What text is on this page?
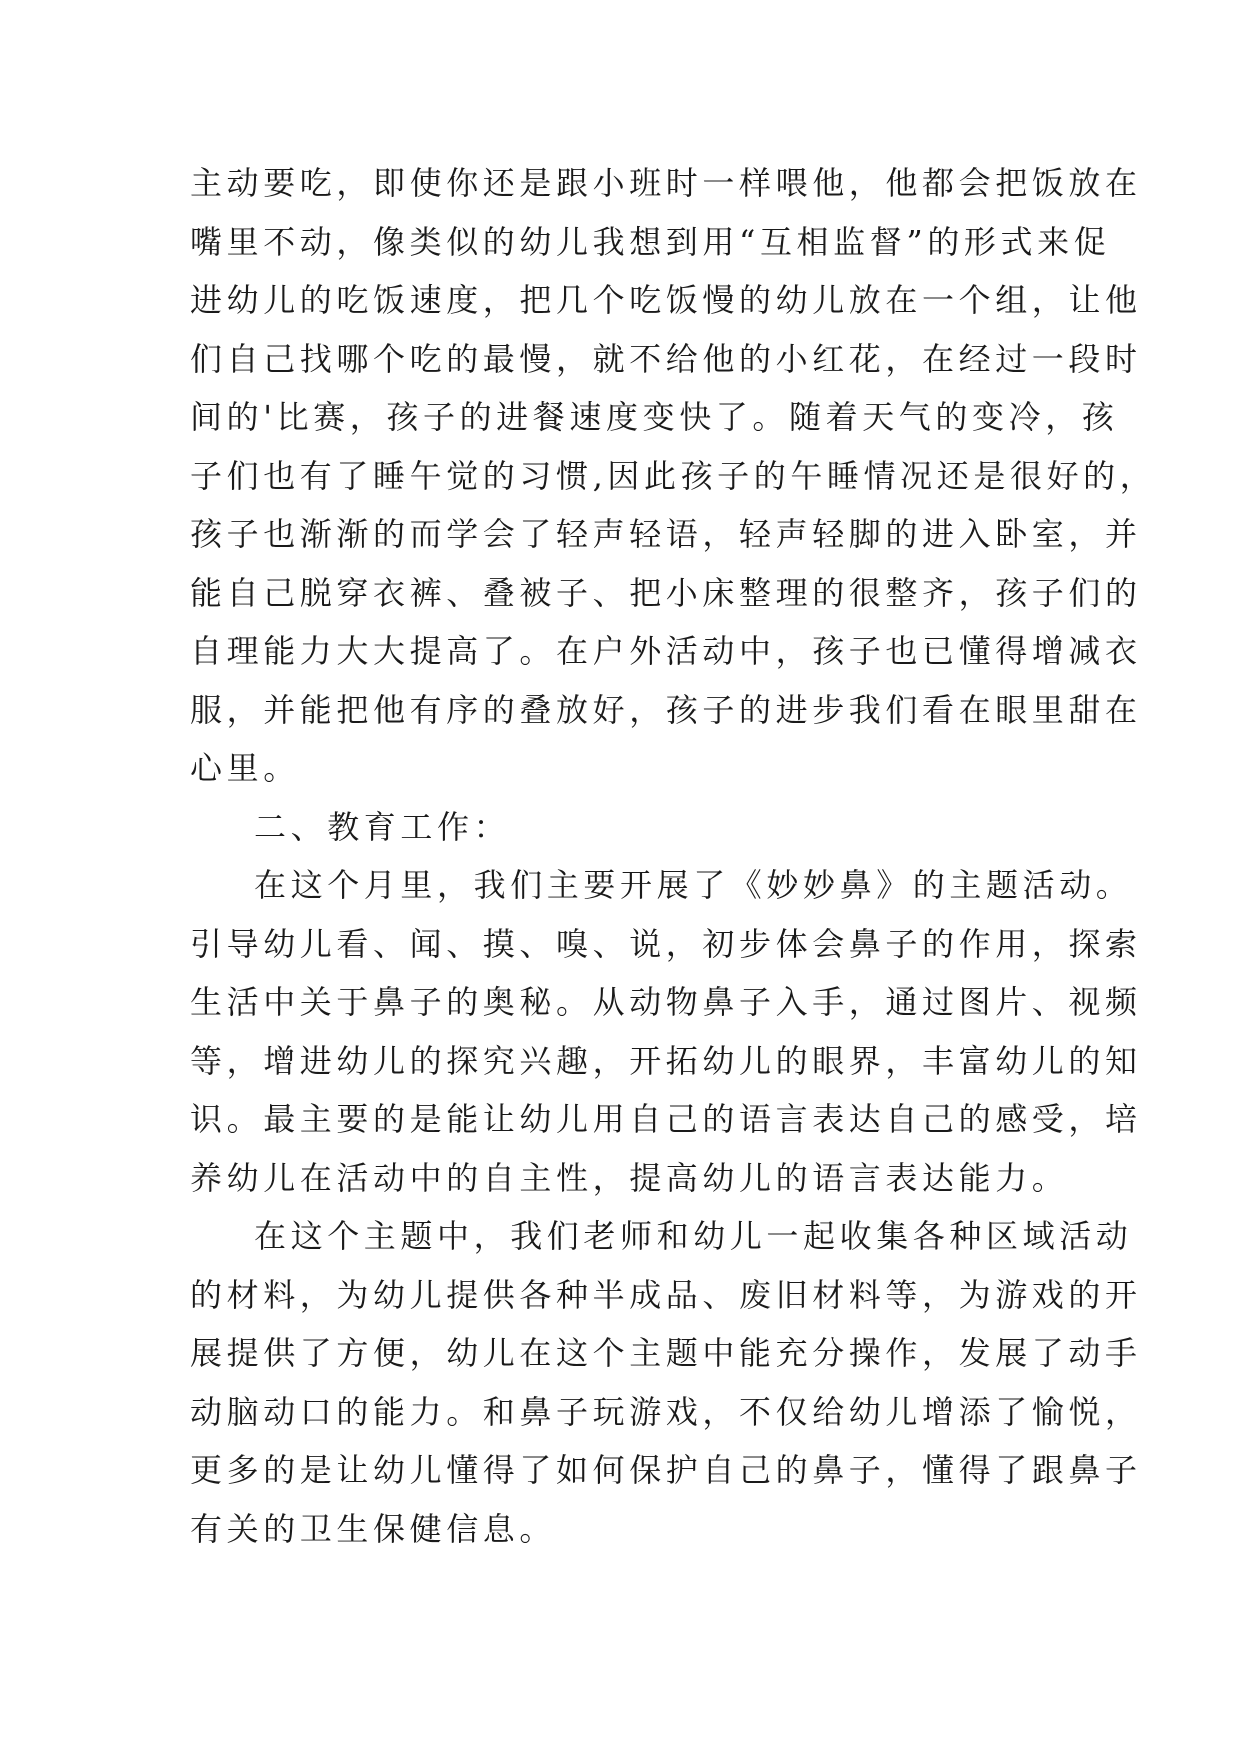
主动要吃，即使你还是跟小班时一样喂他，他都会把饭放在
嘴里不动，像类似的幼儿我想到用“互相监督”的形式来促
进幼儿的吃饭速度，把几个吃饭慢的幼儿放在一个组，让他
们自己找哪个吃的最慢，就不给他的小红花，在经过一段时
间的'比赛，孩子的进餐速度变快了。随着天气的变冷，孩
子们也有了睡午觉的习惯,因此孩子的午睡情况还是很好的，
孩子也渐渐的而学会了轻声轻语，轻声轻脚的进入卧室，并
能自己脱穿衣裤、叠被子、把小床整理的很整齐，孩子们的
自理能力大大提高了。在户外活动中，孩子也已懂得增减衣
服，并能把他有序的叠放好，孩子的进步我们看在眼里甜在
心里。
二、教育工作：
在这个月里，我们主要开展了《妙妙鼻》的主题活动。
引导幼儿看、闻、摸、嗅、说，初步体会鼻子的作用，探索
生活中关于鼻子的奥秘。从动物鼻子入手，通过图片、视频
等，增进幼儿的探究兴趣，开拓幼儿的眼界，丰富幼儿的知
识。最主要的是能让幼儿用自己的语言表达自己的感受，培
养幼儿在活动中的自主性，提高幼儿的语言表达能力。
在这个主题中，我们老师和幼儿一起收集各种区域活动
的材料，为幼儿提供各种半成品、废旧材料等，为游戏的开
展提供了方便，幼儿在这个主题中能充分操作，发展了动手
动脑动口的能力。和鼻子玩游戏，不仅给幼儿增添了愉悦，
更多的是让幼儿懂得了如何保护自己的鼻子，懂得了跟鼻子
有关的卫生保健信息。
